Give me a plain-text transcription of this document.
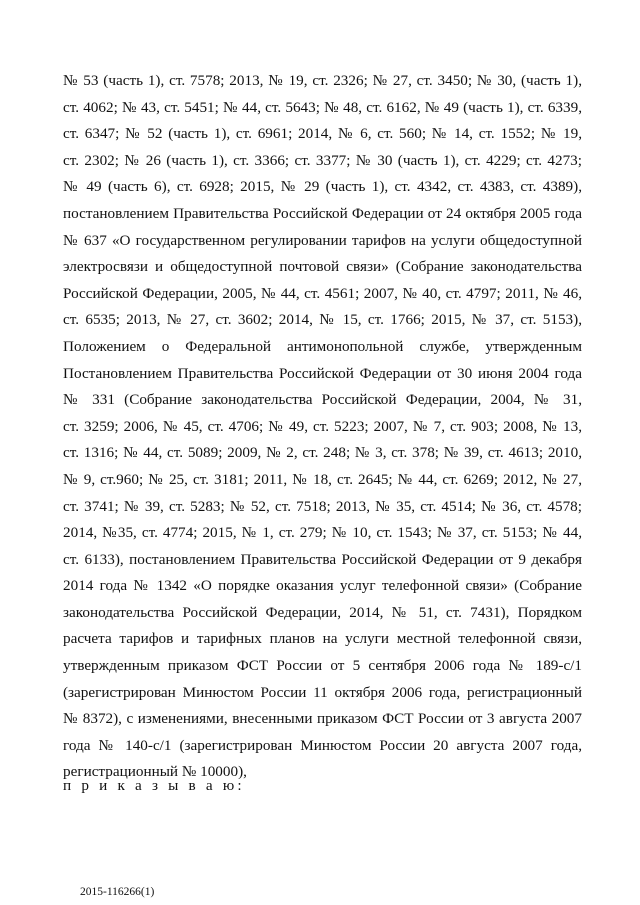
№ 53 (часть 1), ст. 7578; 2013, № 19, ст. 2326; № 27, ст. 3450; № 30, (часть 1),
ст. 4062; № 43, ст. 5451; № 44, ст. 5643; № 48, ст. 6162, № 49 (часть 1), ст. 6339,
ст. 6347; № 52 (часть 1), ст. 6961; 2014, № 6, ст. 560; № 14, ст. 1552; № 19,
ст. 2302; № 26 (часть 1), ст. 3366; ст. 3377; № 30 (часть 1), ст. 4229; ст. 4273;
№ 49 (часть 6), ст. 6928; 2015, № 29 (часть 1), ст. 4342, ст. 4383, ст. 4389),
постановлением Правительства Российской Федерации от 24 октября 2005 года
№ 637 «О государственном регулировании тарифов на услуги общедоступной
электросвязи и общедоступной почтовой связи» (Собрание законодательства
Российской Федерации, 2005, № 44, ст. 4561; 2007, № 40, ст. 4797; 2011, № 46,
ст. 6535; 2013, № 27, ст. 3602; 2014, № 15, ст. 1766; 2015, № 37, ст. 5153),
Положением о Федеральной антимонопольной службе, утвержденным
Постановлением Правительства Российской Федерации от 30 июня 2004 года
№ 331 (Собрание законодательства Российской Федерации, 2004, № 31,
ст. 3259; 2006, № 45, ст. 4706; № 49, ст. 5223; 2007, № 7, ст. 903; 2008, № 13,
ст. 1316; № 44, ст. 5089; 2009, № 2, ст. 248; № 3, ст. 378; № 39, ст. 4613; 2010,
№ 9, ст.960; № 25, ст. 3181; 2011, № 18, ст. 2645; № 44, ст. 6269; 2012, № 27,
ст. 3741; № 39, ст. 5283; № 52, ст. 7518; 2013, № 35, ст. 4514; № 36, ст. 4578;
2014, №35, ст. 4774; 2015, № 1, ст. 279; № 10, ст. 1543; № 37, ст. 5153; № 44,
ст. 6133), постановлением Правительства Российской Федерации от 9 декабря
2014 года № 1342 «О порядке оказания услуг телефонной связи» (Собрание
законодательства Российской Федерации, 2014, № 51, ст. 7431), Порядком
расчета тарифов и тарифных планов на услуги местной телефонной связи,
утвержденным приказом ФСТ России от 5 сентября 2006 года № 189-с/1
(зарегистрирован Минюстом России 11 октября 2006 года, регистрационный
№ 8372), с изменениями, внесенными приказом ФСТ России от 3 августа 2007
года № 140-с/1 (зарегистрирован Минюстом России 20 августа 2007 года,
регистрационный № 10000),
п р и к а з ы в а ю:
2015-116266(1)
